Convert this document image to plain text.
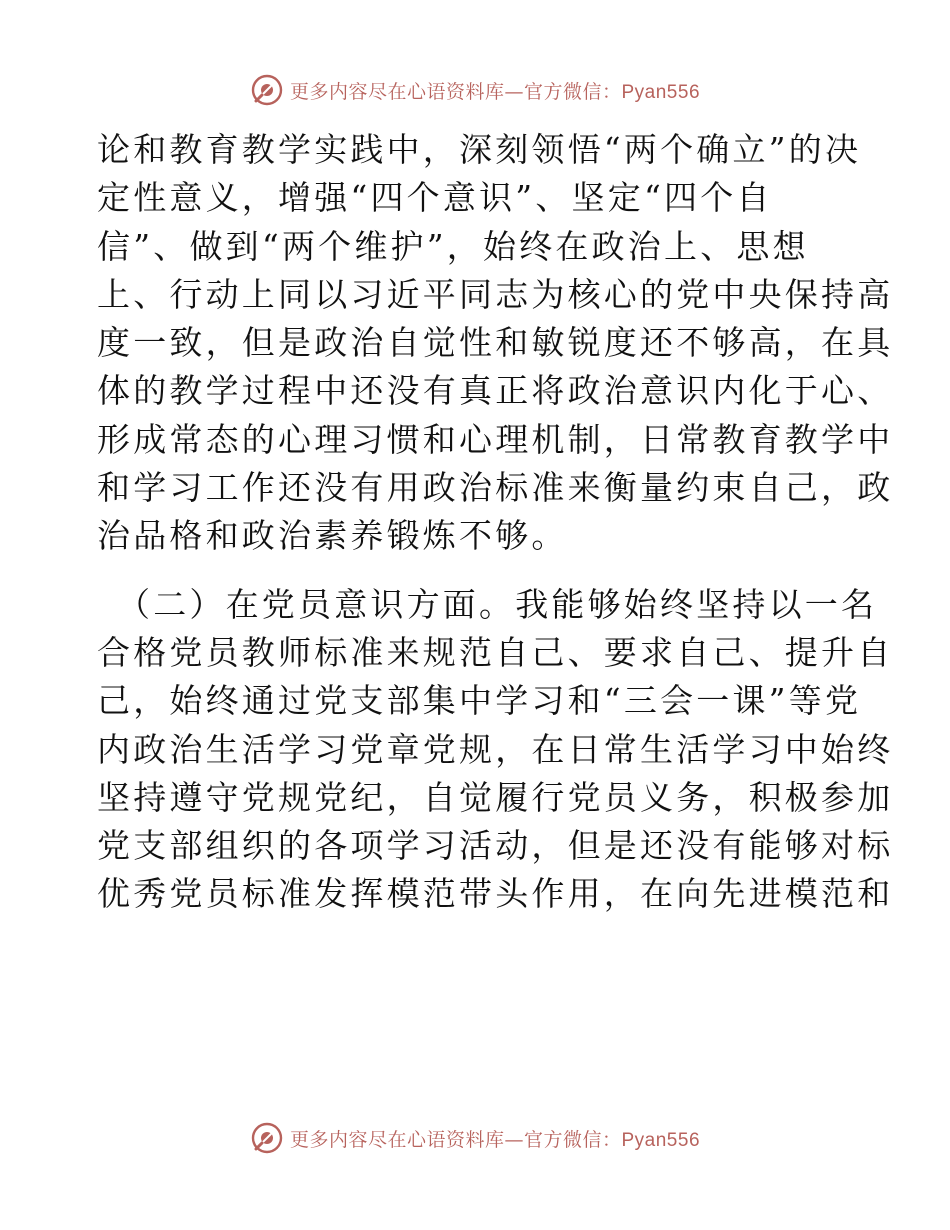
更多内容尽在心语资料库—官方微信：Pyan556
论和教育教学实践中，深刻领悟“两个确立”的决
定性意义，增强“四个意识”、坚定“四个自
信”、做到“两个维护”，始终在政治上、思想
上、行动上同以习近平同志为核心的党中央保持高
度一致，但是政治自觉性和敏锐度还不够高，在具
体的教学过程中还没有真正将政治意识内化于心、
形成常态的心理习惯和心理机制，日常教育教学中
和学习工作还没有用政治标准来衡量约束自己，政
治品格和政治素养锻炼不够。
（二）在党员意识方面。我能够始终坚持以一名
合格党员教师标准来规范自己、要求自己、提升自
己，始终通过党支部集中学习和“三会一课”等党
内政治生活学习党章党规，在日常生活学习中始终
坚持遵守党规党纪，自觉履行党员义务，积极参加
党支部组织的各项学习活动，但是还没有能够对标
优秀党员标准发挥模范带头作用，在向先进模范和
更多内容尽在心语资料库—官方微信：Pyan556
